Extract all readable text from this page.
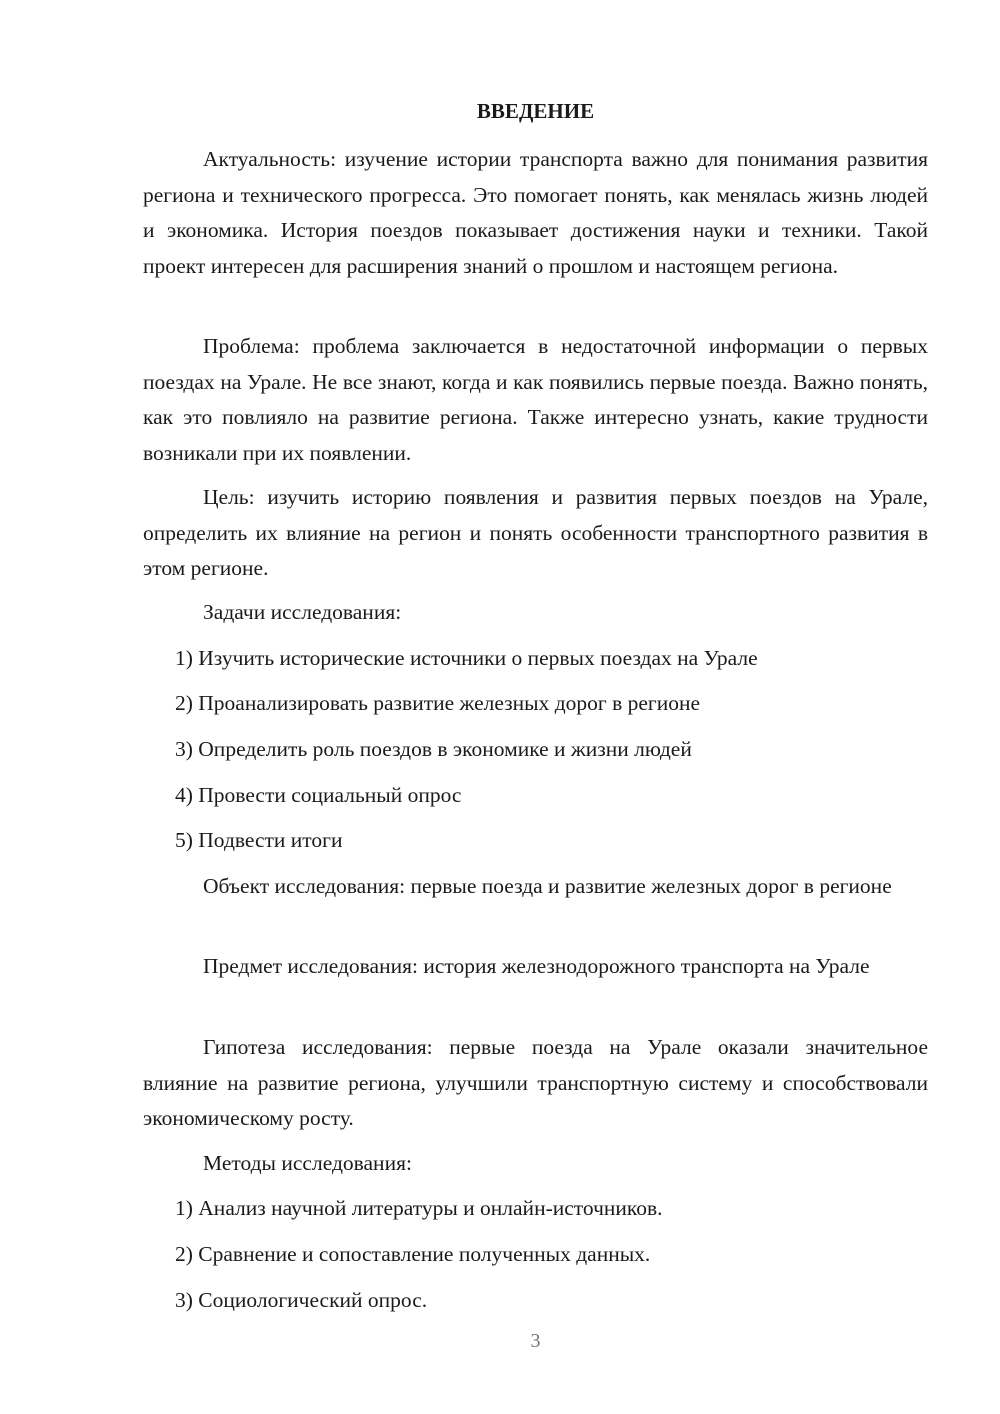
ВВЕДЕНИЕ

Актуальность: изучение истории транспорта важно для понимания развития региона и технического прогресса. Это помогает понять, как менялась жизнь людей и экономика. История поездов показывает достижения науки и техники. Такой проект интересен для расширения знаний о прошлом и настоящем региона.

Проблема: проблема заключается в недостаточной информации о первых поездах на Урале. Не все знают, когда и как появились первые поезда. Важно понять, как это повлияло на развитие региона. Также интересно узнать, какие трудности возникали при их появлении.

Цель: изучить историю появления и развития первых поездов на Урале, определить их влияние на регион и понять особенности транспортного развития в этом регионе.

Задачи исследования:
1) Изучить исторические источники о первых поездах на Урале
2) Проанализировать развитие железных дорог в регионе
3) Определить роль поездов в экономике и жизни людей
4) Провести социальный опрос
5) Подвести итоги

Объект исследования: первые поезда и развитие железных дорог в регионе

Предмет исследования: история железнодорожного транспорта на Урале

Гипотеза исследования: первые поезда на Урале оказали значительное влияние на развитие региона, улучшили транспортную систему и способствовали экономическому росту.

Методы исследования:
1) Анализ научной литературы и онлайн-источников.
2) Сравнение и сопоставление полученных данных.
3) Социологический опрос.
3
